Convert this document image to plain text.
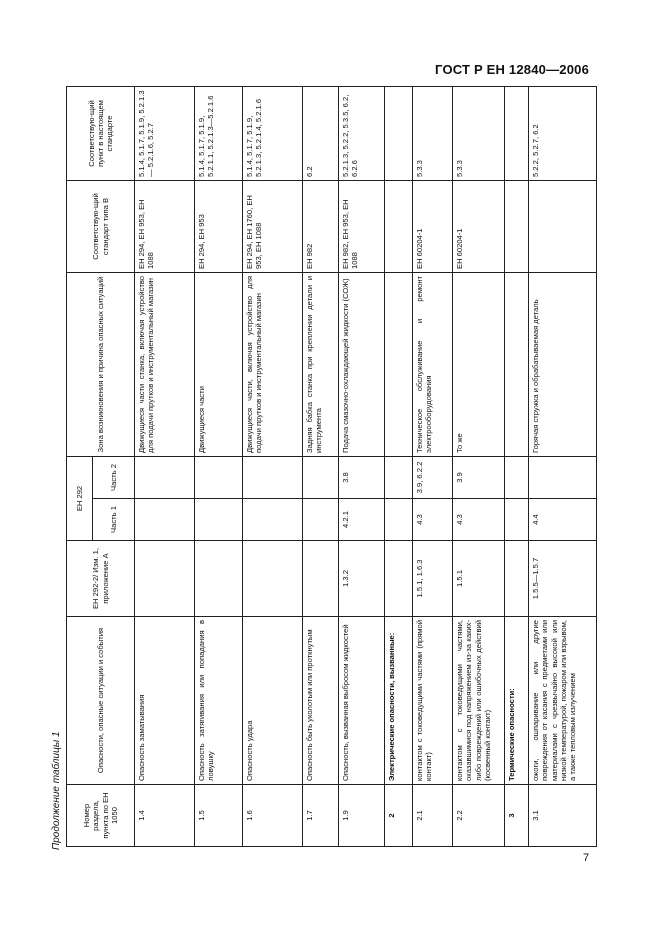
ГОСТ Р ЕН 12840—2006
Продолжение таблицы 1	Номер раздела, пункта по ЕН 1050	Опасности, опасные ситуации и события	ЕН 292-2/ Изм. 1, приложение А	ЕН 292		Зона возникновения и причина опасных ситуаций	Соответствую-щий стандарт типа В	Соответствую-щий пункт в настоящем стандарте
			Часть 1	Часть 2			
1.4	Опасность заматывания				Движущиеся части станка, включая устройство для подачи прутков и инструментальный магазин	ЕН 294, ЕН 953, ЕН 1088	5.1.4, 5.1.7, 5.1.9, 5.2.1.3 — 5.2.1.6, 5.2.7
1.5	Опасность затягивания или попадания в ловушку				Движущиеся части	ЕН 294, ЕН 953	5.1.4, 5.1.7, 5.1.9, 5.2.1.1, 5.2.1.3—5.2.1.6
1.6	Опасность удара				Движущиеся части, включая устройство для подачи прутков и инструментальный магазин	ЕН 294, ЕН 1760, ЕН 953, ЕН 1088	5.1.4, 5.1.7, 5.1.9, 5.2.1.3, 5.2.1.4, 5.2.1.6
1.7	Опасность быть уколотым или проткнутым				Задняя бабка станка при креплении детали и инструмента	ЕН 982	6.2
1.9	Опасность, вызванная выбросом жидкостей	1.3.2	4.2.1	3.8	Подача смазочно-охлаждающей жидкости (СОЖ)	ЕН 982, ЕН 953, ЕН 1088	5.2.1.3, 5.2.2, 5.3.5, 6.2, 6.2.6
2	Электрические опасности, вызванные:						
2.1	контактом с токоведущими частями (прямой контакт)	1.5.1, 1.6.3	4.3	3.9, 6.2.2	Техническое обслуживание и ремонт электрооборудования	ЕН 60204-1	5.3.3
2.2	контактом с токоведущими частями, оказавшимися под напряжением из-за каких-либо повреждений или ошибочных действий (косвенный контакт)	1.5.1	4.3	3.9	То же	ЕН 60204-1	5.3.3
3	Термические опасности:						
3.1	ожоги, ошпаривание или другие повреждения от касания с предметами или материалами с чрезвычайно высокой или низкой температурой, пожаром или взрывом, а также тепловым излучением	1.5.5—1.5.7	4.4		Горячая стружка и обрабатываемая деталь		5.2.2, 5.2.7, 6.2
7
